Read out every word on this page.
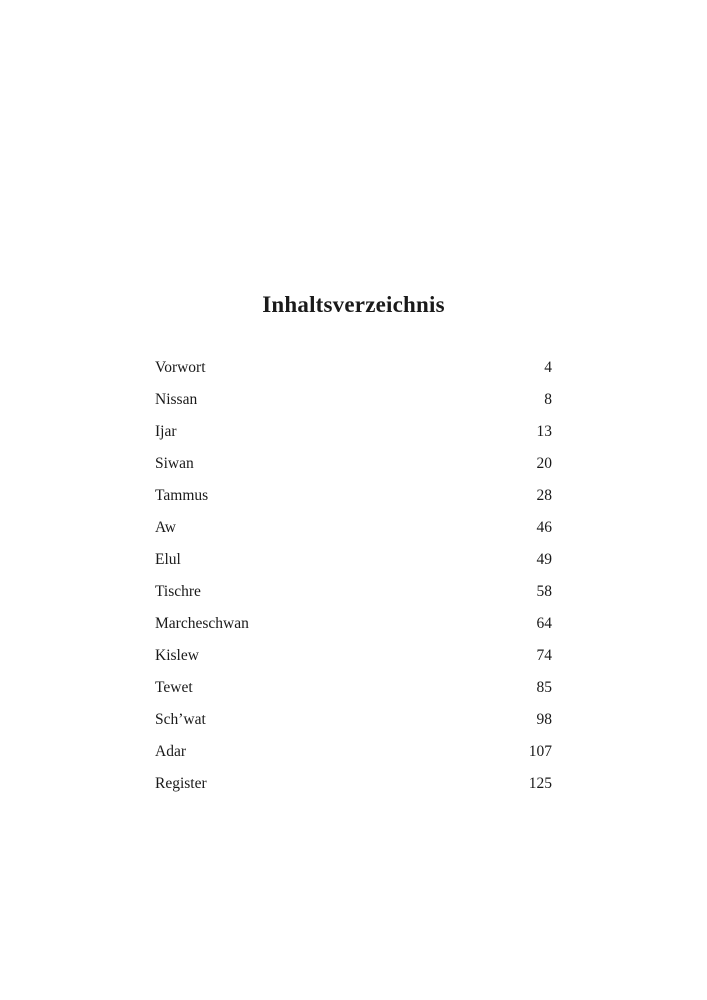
Inhaltsverzeichnis
Vorwort	4
Nissan	8
Ijar	13
Siwan	20
Tammus	28
Aw	46
Elul	49
Tischre	58
Marcheschwan	64
Kislew	74
Tewet	85
Sch’wat	98
Adar	107
Register	125
